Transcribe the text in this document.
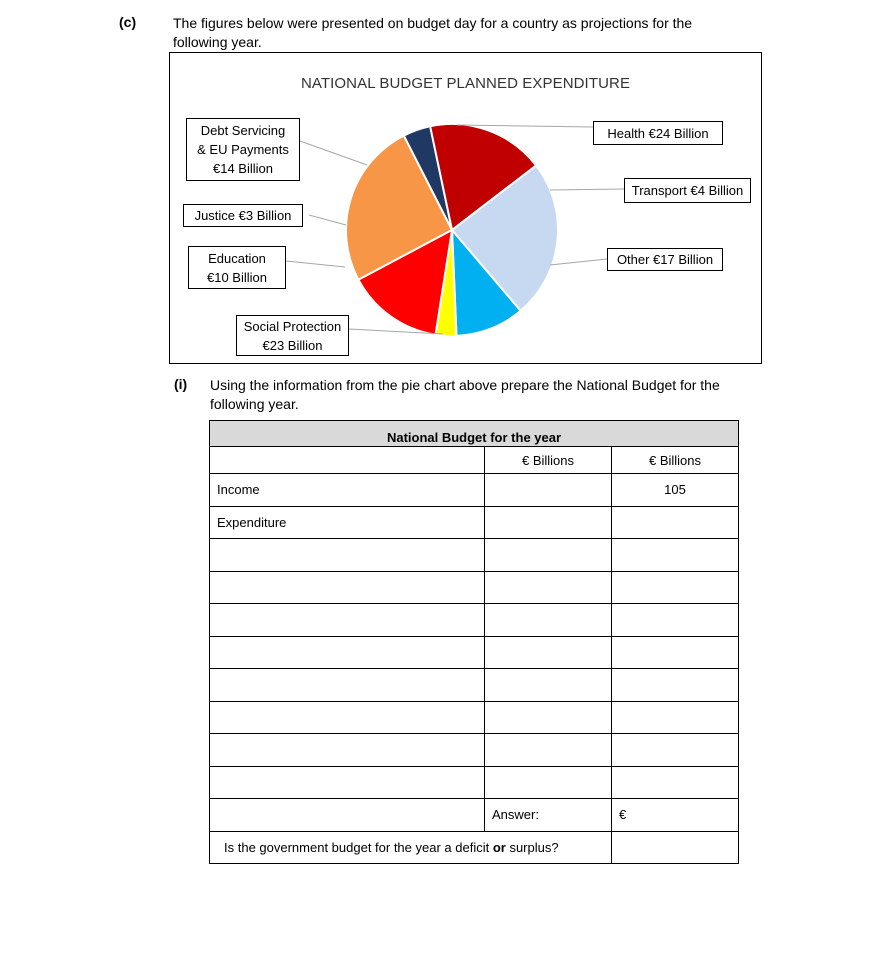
(c)	The figures below were presented on budget day for a country as projections for the
following year.
NATIONAL BUDGET PLANNED EXPENDITURE
Debt Servicing
& EU Payments
€14 Billion
Justice €3 Billion
Education
€10 Billion
Social Protection
€23 Billion
Health €24 Billion
Transport €4 Billion
Other €17 Billion
(i) Using the information from the pie chart above prepare the National Budget for the
following year.
National Budget for the year		
	€ Billions	€ Billions
Income		105
Expenditure		

	Answer:	€
Is the government budget for the year a deficit or surplus?		
